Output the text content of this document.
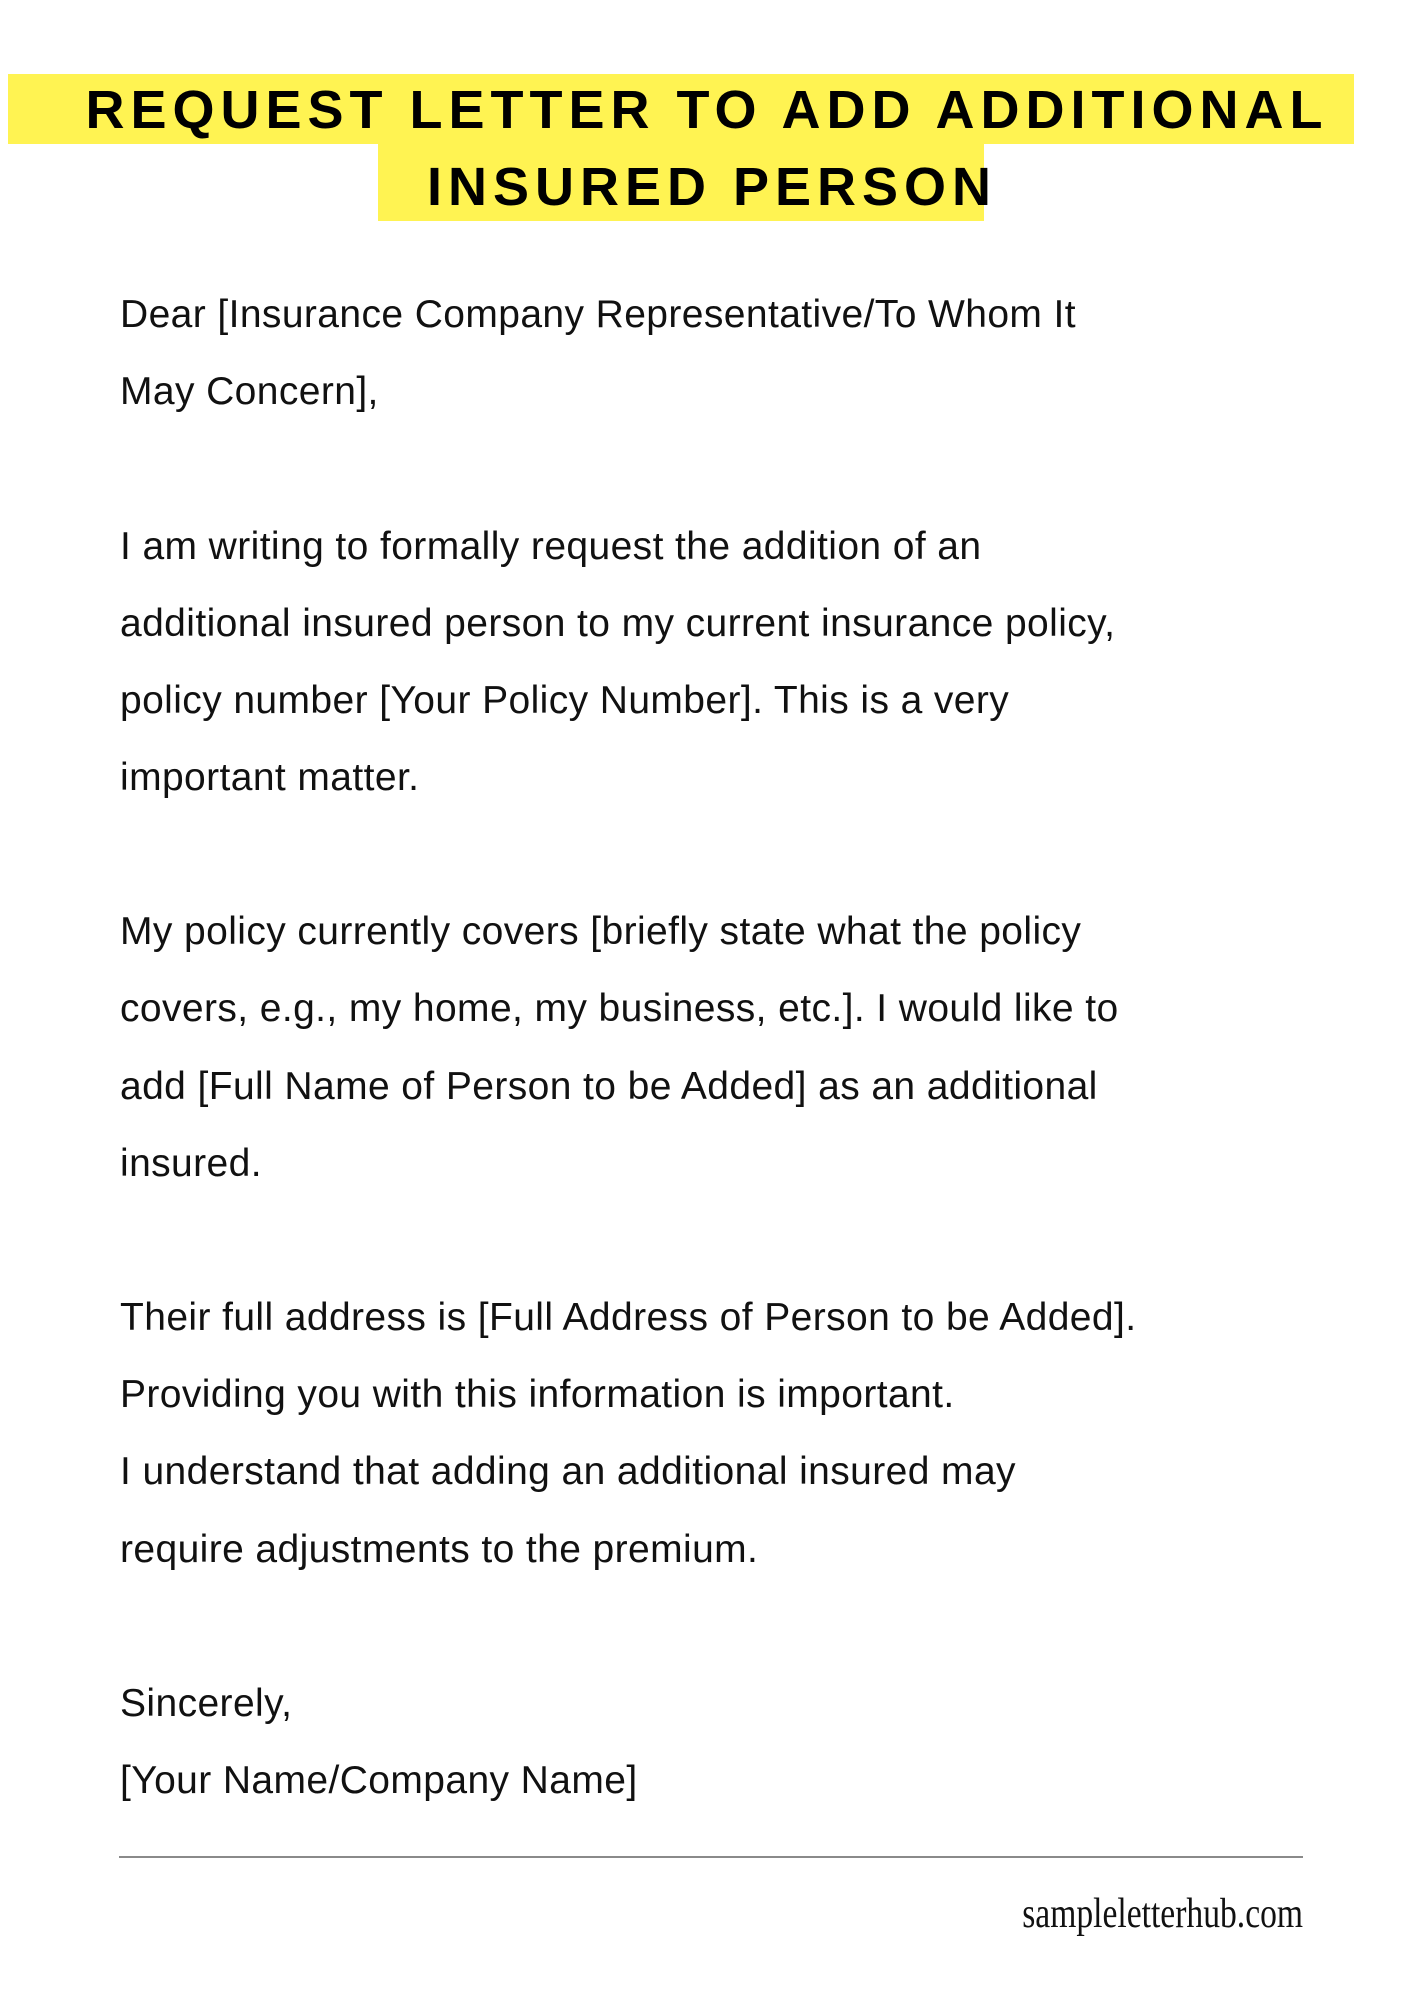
REQUEST LETTER TO ADD ADDITIONAL
INSURED PERSON
Dear [Insurance Company Representative/To Whom It
May Concern],
I am writing to formally request the addition of an
additional insured person to my current insurance policy,
policy number [Your Policy Number]. This is a very
important matter.
My policy currently covers [briefly state what the policy
covers, e.g., my home, my business, etc.]. I would like to
add [Full Name of Person to be Added] as an additional
insured.
Their full address is [Full Address of Person to be Added].
Providing you with this information is important.
I understand that adding an additional insured may
require adjustments to the premium.
Sincerely,
[Your Name/Company Name]
sampleletterhub.com
